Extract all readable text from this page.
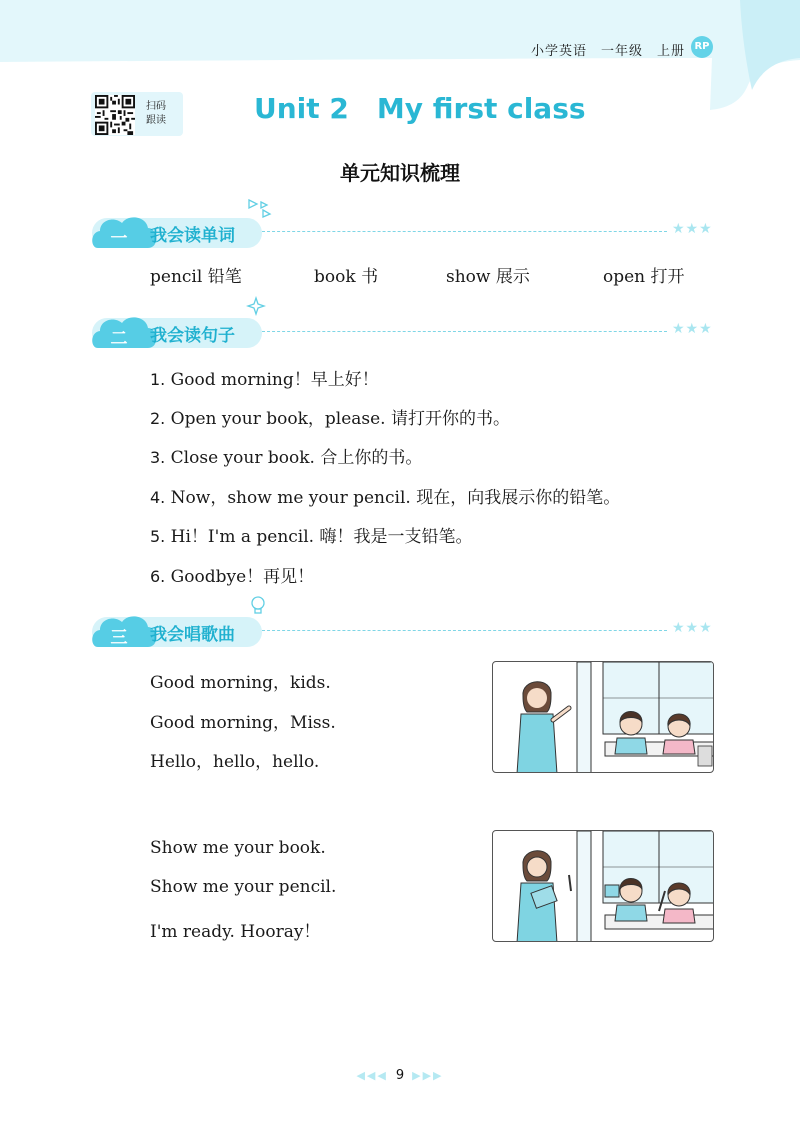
小学英语 一年级 上册 RP
扫码
跟读	Unit 2 My first class
单元知识梳理
一	我会读单词	★★★
pencil 铅笔	book 书	show 展示	open 打开
二	我会读句子	★★★
1. Good morning！早上好！
2. Open your book，please. 请打开你的书。
3. Close your book. 合上你的书。
4. Now，show me your pencil. 现在，向我展示你的铅笔。
5. Hi！I'm a pencil. 嗨！我是一支铅笔。
6. Goodbye！再见！
三	我会唱歌曲	★★★
Good morning，kids.
Good morning，Miss.
Hello，hello，hello.
Show me your book.
Show me your pencil.
I'm ready. Hooray！
◀◀◀ 9 ▶▶▶
